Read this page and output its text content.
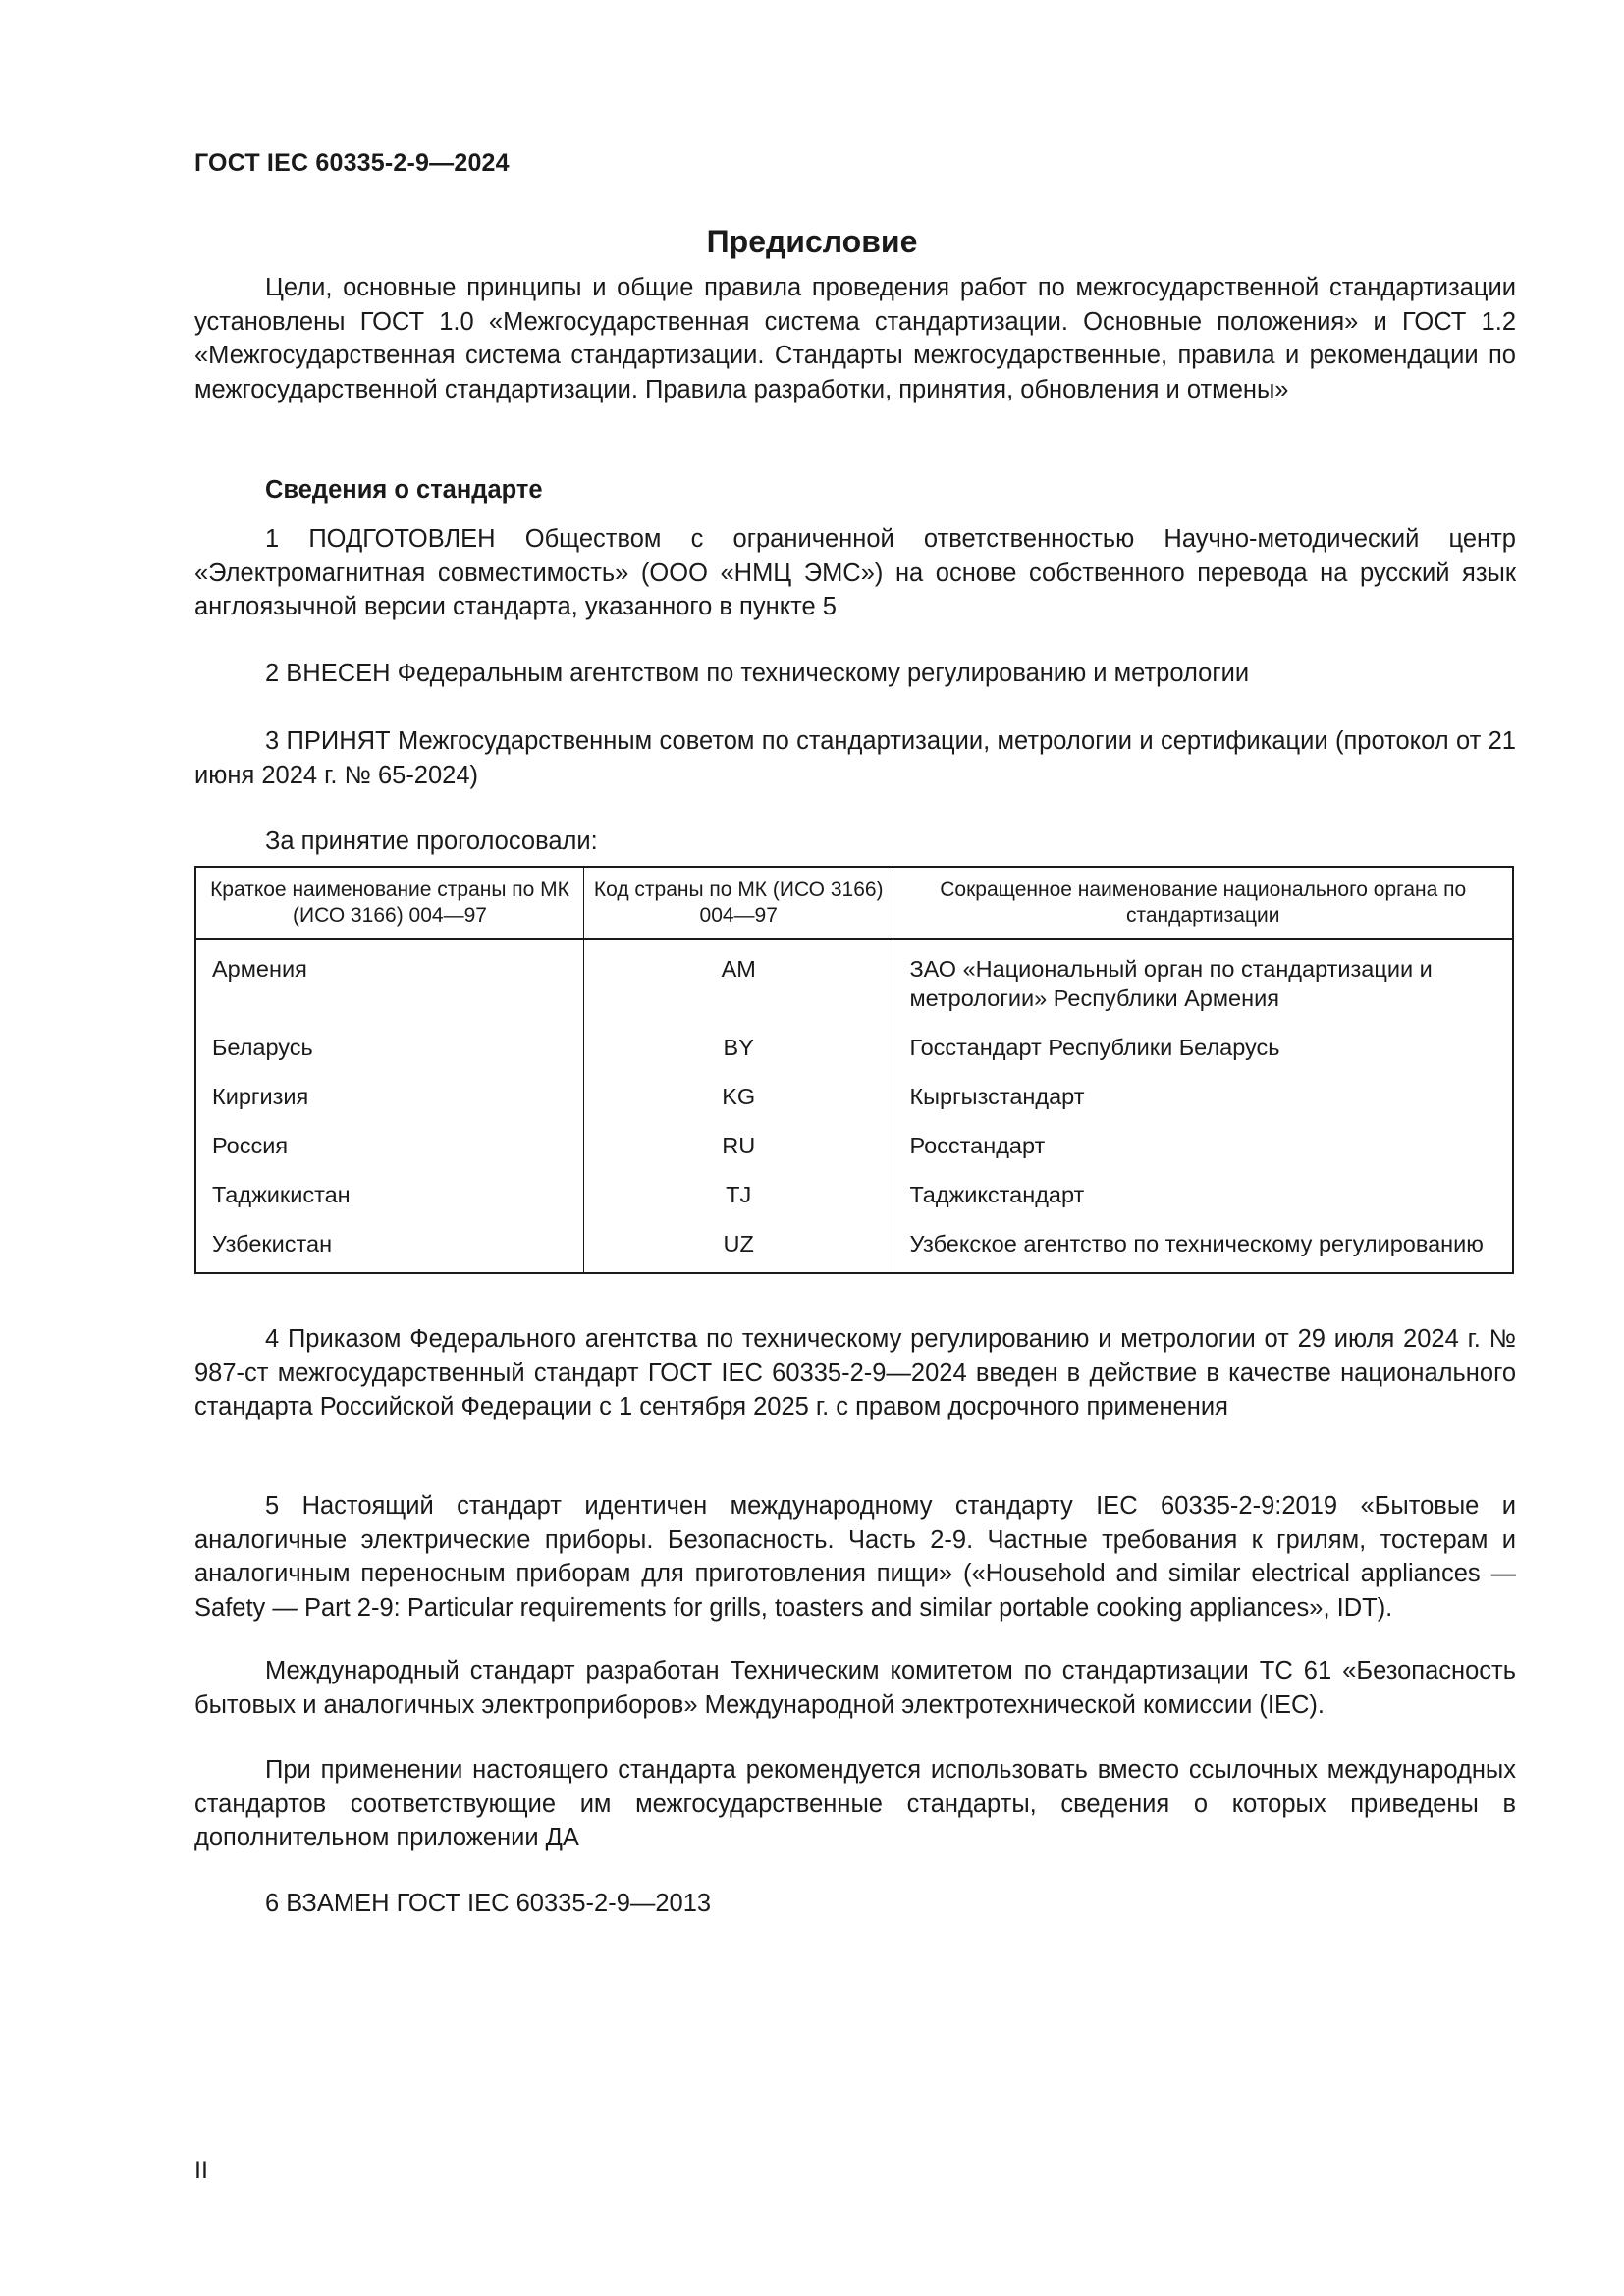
ГОСТ IEC 60335-2-9—2024
Предисловие

Цели, основные принципы и общие правила проведения работ по межгосударственной стандартизации установлены ГОСТ 1.0 «Межгосударственная система стандартизации. Основные положения» и ГОСТ 1.2 «Межгосударственная система стандартизации. Стандарты межгосударственные, правила и рекомендации по межгосударственной стандартизации. Правила разработки, принятия, обновления и отмены»

Сведения о стандарте

1 ПОДГОТОВЛЕН Обществом с ограниченной ответственностью Научно-методический центр «Электромагнитная совместимость» (ООО «НМЦ ЭМС») на основе собственного перевода на русский язык англоязычной версии стандарта, указанного в пункте 5

2 ВНЕСЕН Федеральным агентством по техническому регулированию и метрологии

3 ПРИНЯТ Межгосударственным советом по стандартизации, метрологии и сертификации (протокол от 21 июня 2024 г. № 65-2024)

За принятие проголосовали:

Краткое наименование страны по МК (ИСО 3166) 004—97	Код страны по МК (ИСО 3166) 004—97	Сокращенное наименование национального органа по стандартизации
Армения	AM	ЗАО «Национальный орган по стандартизации и метрологии» Республики Армения
Беларусь	BY	Госстандарт Республики Беларусь
Киргизия	KG	Кыргызстандарт
Россия	RU	Росстандарт
Таджикистан	TJ	Таджикстандарт
Узбекистан	UZ	Узбекское агентство по техническому регулированию

4 Приказом Федерального агентства по техническому регулированию и метрологии от 29 июля 2024 г. № 987-ст межгосударственный стандарт ГОСТ IEC 60335-2-9—2024 введен в действие в качестве национального стандарта Российской Федерации с 1 сентября 2025 г. с правом досрочного применения

5 Настоящий стандарт идентичен международному стандарту IEC 60335-2-9:2019 «Бытовые и аналогичные электрические приборы. Безопасность. Часть 2-9. Частные требования к грилям, тостерам и аналогичным переносным приборам для приготовления пищи» («Household and similar electrical appliances — Safety — Part 2-9: Particular requirements for grills, toasters and similar portable cooking appliances», IDT).

Международный стандарт разработан Техническим комитетом по стандартизации TC 61 «Безопасность бытовых и аналогичных электроприборов» Международной электротехнической комиссии (IEC).

При применении настоящего стандарта рекомендуется использовать вместо ссылочных международных стандартов соответствующие им межгосударственные стандарты, сведения о которых приведены в дополнительном приложении ДА

6 ВЗАМЕН ГОСТ IEC 60335-2-9—2013

II
